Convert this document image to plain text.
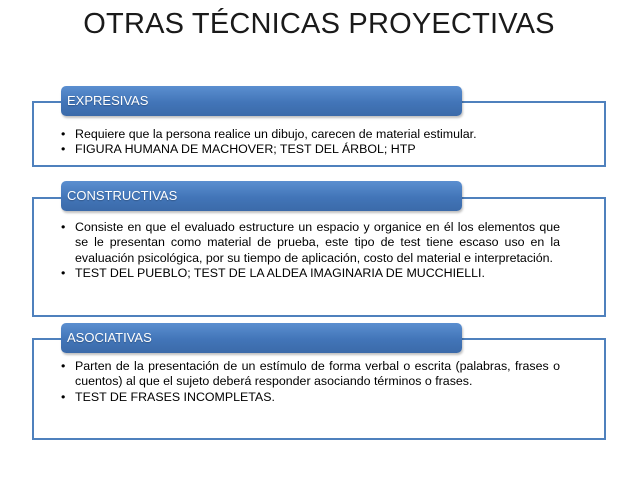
OTRAS TÉCNICAS PROYECTIVAS
• Requiere que la persona realice un dibujo, carecen de material estimular.
• FIGURA HUMANA DE MACHOVER; TEST DEL ÁRBOL; HTP
EXPRESIVAS
• Consiste en que el evaluado estructure un espacio y organice en él los elementos que se le presentan como material de prueba, este tipo de test tiene escaso uso en la evaluación psicológica, por su tiempo de aplicación, costo del material e interpretación.
• TEST DEL PUEBLO; TEST DE LA ALDEA IMAGINARIA DE MUCCHIELLI.
CONSTRUCTIVAS
• Parten de la presentación de un estímulo de forma verbal o escrita (palabras, frases o cuentos) al que el sujeto deberá responder asociando términos o frases.
• TEST DE FRASES INCOMPLETAS.
ASOCIATIVAS
